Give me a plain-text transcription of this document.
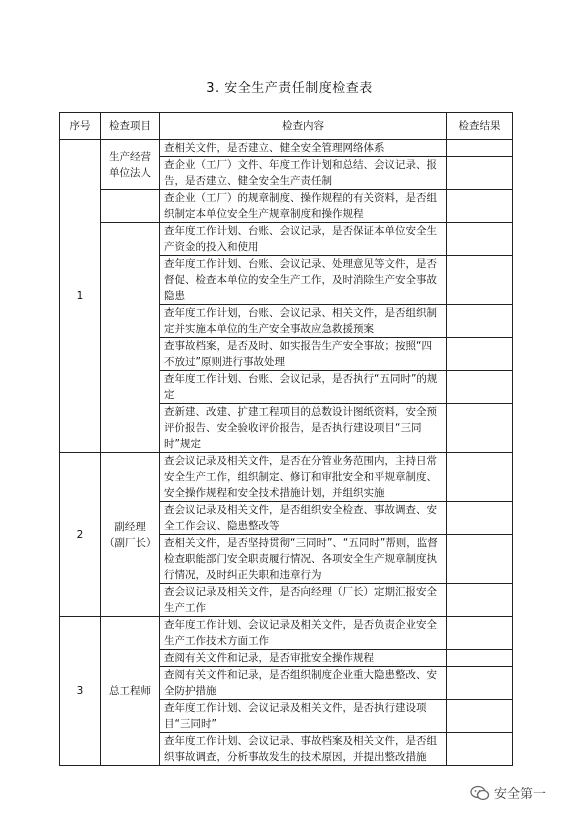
3. 安全生产责任制度检查表
序号	检查项目	检查内容	检查结果
1	生产经营单位法人	查相关文件，是否建立、健全安全管理网络体系	
		查企业（工厂）文件、年度工作计划和总结、会议记录、报告，是否建立、健全安全生产责任制	
		查企业（工厂）的规章制度、操作规程的有关资料，是否组织制定本单位安全生产规章制度和操作规程	
		查年度工作计划、台账、会议记录，是否保证本单位安全生产资金的投入和使用	
		查年度工作计划、台账、会议记录、处理意见等文件，是否督促、检查本单位的安全生产工作，及时消除生产安全事故隐患	
		查年度工作计划，台账、会议记录、相关文件，是否组织制定并实施本单位的生产安全事故应急救援预案	
		查事故档案，是否及时、如实报告生产安全事故；按照“四不放过”原则进行事故处理	
		查年度工作计划、台账、会议记录，是否执行“五同时”的规定	
		查新建、改建、扩建工程项目的总数设计图纸资料，安全预评价报告、安全验收评价报告，是否执行建设项目“三同时”规定	
2	副经理（副厂长）	查会议记录及相关文件，是否在分管业务范围内，主持日常安全生产工作，组织制定、修订和审批安全和平规章制度、安全操作规程和安全技术措施计划，并组织实施	
		查会议记录及相关文件，是否组织安全检查、事故调查、安全工作会议、隐患整改等	
		查相关文件，是否坚持贯彻“三同时”、“五同时”帮则，监督检查职能部门安全职责履行情况、各项安全生产规章制度执行情况，及时纠正失职和违章行为	
		查会议记录及相关文件，是否向经理（厂长）定期汇报安全生产工作	
3	总工程师	查年度工作计划、会议记录及相关文件，是否负责企业安全生产工作技术方面工作	
		查阅有关文件和记录，是否审批安全操作规程	
		查阅有关文件和记录，是否组织制度企业重大隐患整改、安全防护措施	
		查年度工作计划、会议记录及相关文件，是否执行建设项目“三同时”	
		查年度工作计划、会议记录、事故档案及相关文件，是否组织事故调查，分析事故发生的技术原因，并提出整改措施	
安全第一
